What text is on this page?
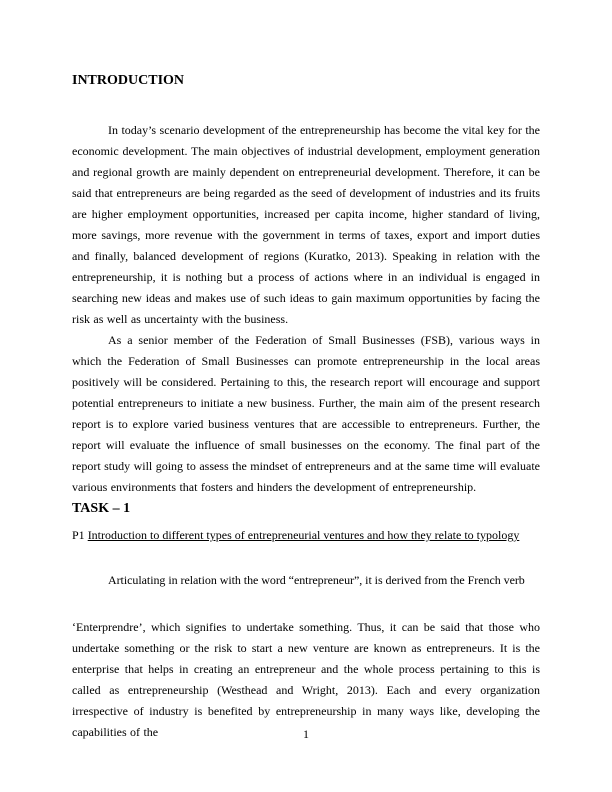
INTRODUCTION

In today’s scenario development of the entrepreneurship has become the vital key for the economic development. The main objectives of industrial development, employment generation and regional growth are mainly dependent on entrepreneurial development. Therefore, it can be said that entrepreneurs are being regarded as the seed of development of industries and its fruits are higher employment opportunities, increased per capita income, higher standard of living, more savings, more revenue with the government in terms of taxes, export and import duties and finally, balanced development of regions (Kuratko, 2013). Speaking in relation with the entrepreneurship, it is nothing but a process of actions where in an individual is engaged in searching new ideas and makes use of such ideas to gain maximum opportunities by facing the risk as well as uncertainty with the business.

As a senior member of the Federation of Small Businesses (FSB), various ways in which the Federation of Small Businesses can promote entrepreneurship in the local areas positively will be considered. Pertaining to this, the research report will encourage and support potential entrepreneurs to initiate a new business. Further, the main aim of the present research report is to explore varied business ventures that are accessible to entrepreneurs. Further, the report will evaluate the influence of small businesses on the economy. The final part of the report study will going to assess the mindset of entrepreneurs and at the same time will evaluate various environments that fosters and hinders the development of entrepreneurship.

TASK – 1

P1 Introduction to different types of entrepreneurial ventures and how they relate to typology

Articulating in relation with the word “entrepreneur”, it is derived from the French verb

‘Enterprendre’, which signifies to undertake something. Thus, it can be said that those who undertake something or the risk to start a new venture are known as entrepreneurs. It is the enterprise that helps in creating an entrepreneur and the whole process pertaining to this is called as entrepreneurship (Westhead and Wright, 2013). Each and every organization irrespective of industry is benefited by entrepreneurship in many ways like, developing the capabilities of the	1
